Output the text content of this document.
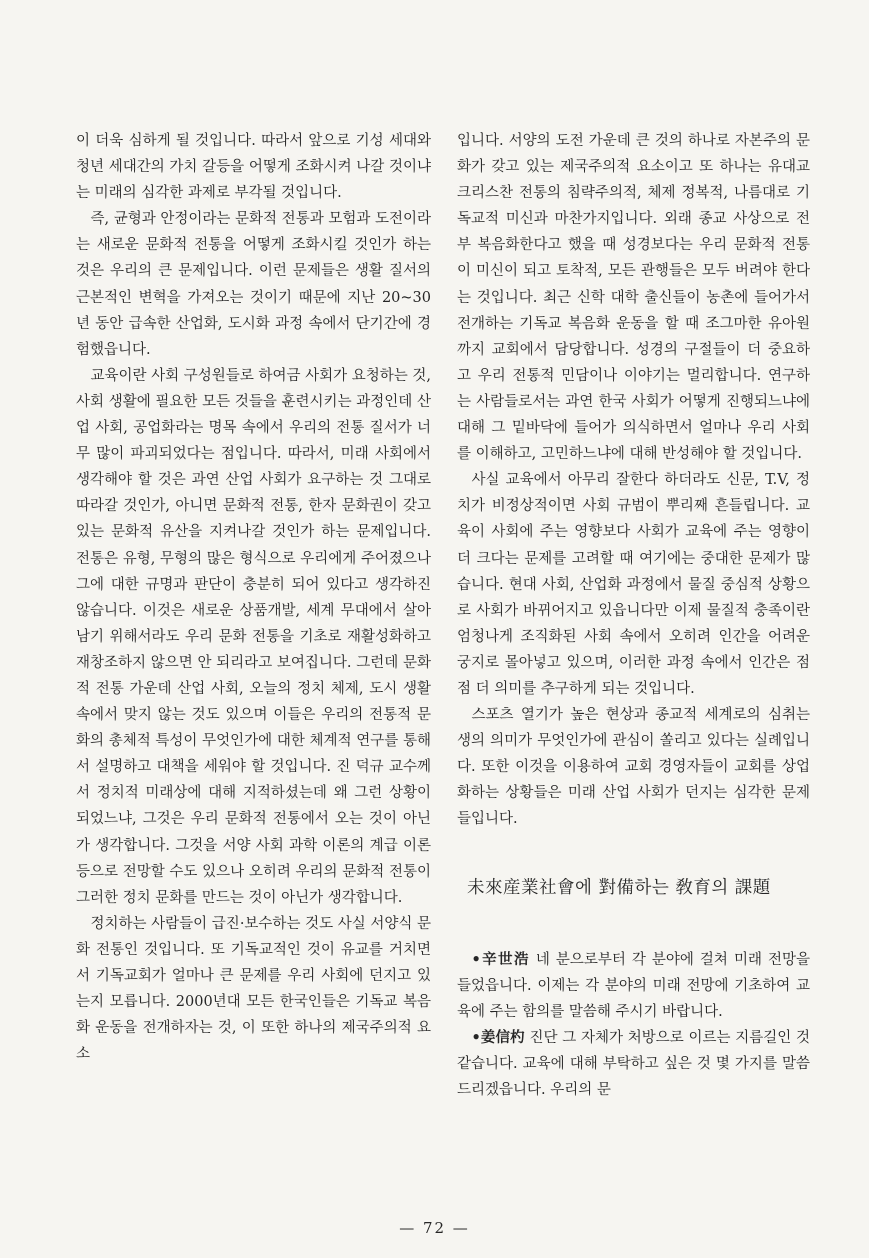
이 더욱 심하게 될 것입니다. 따라서 앞으로 기성 세대와 청년 세대간의 가치 갈등을 어떻게 조화시켜 나갈 것이냐는 미래의 심각한 과제로 부각될 것입니다.

즉, 균형과 안정이라는 문화적 전통과 모험과 도전이라는 새로운 문화적 전통을 어떻게 조화시킬 것인가 하는 것은 우리의 큰 문제입니다. 이런 문제들은 생활 질서의 근본적인 변혁을 가져오는 것이기 때문에 지난 20~30년 동안 급속한 산업화, 도시화 과정 속에서 단기간에 경험했읍니다.

교육이란 사회 구성원들로 하여금 사회가 요청하는 것, 사회 생활에 필요한 모든 것들을 훈련시키는 과정인데 산업 사회, 공업화라는 명목 속에서 우리의 전통 질서가 너무 많이 파괴되었다는 점입니다. 따라서, 미래 사회에서 생각해야 할 것은 과연 산업 사회가 요구하는 것 그대로 따라갈 것인가, 아니면 문화적 전통, 한자 문화권이 갖고 있는 문화적 유산을 지켜나갈 것인가 하는 문제입니다. 전통은 유형, 무형의 많은 형식으로 우리에게 주어졌으나 그에 대한 규명과 판단이 충분히 되어 있다고 생각하진 않습니다. 이것은 새로운 상품개발, 세계 무대에서 살아 남기 위해서라도 우리 문화 전통을 기초로 재활성화하고 재창조하지 않으면 안 되리라고 보여집니다. 그런데 문화적 전통 가운데 산업 사회, 오늘의 정치 체제, 도시 생활 속에서 맞지 않는 것도 있으며 이들은 우리의 전통적 문화의 총체적 특성이 무엇인가에 대한 체계적 연구를 통해서 설명하고 대책을 세워야 할 것입니다. 진 덕규 교수께서 정치적 미래상에 대해 지적하셨는데 왜 그런 상황이 되었느냐, 그것은 우리 문화적 전통에서 오는 것이 아닌가 생각합니다. 그것을 서양 사회 과학 이론의 계급 이론 등으로 전망할 수도 있으나 오히려 우리의 문화적 전통이 그러한 정치 문화를 만드는 것이 아닌가 생각합니다.

정치하는 사람들이 급진·보수하는 것도 사실 서양식 문화 전통인 것입니다. 또 기독교적인 것이 유교를 거치면서 기독교회가 얼마나 큰 문제를 우리 사회에 던지고 있는지 모릅니다. 2000년대 모든 한국인들은 기독교 복음화 운동을 전개하자는 것, 이 또한 하나의 제국주의적 요소

입니다. 서양의 도전 가운데 큰 것의 하나로 자본주의 문화가 갖고 있는 제국주의적 요소이고 또 하나는 유대교 크리스찬 전통의 침략주의적, 체제 정복적, 나름대로 기독교적 미신과 마찬가지입니다. 외래 종교 사상으로 전부 복음화한다고 했을 때 성경보다는 우리 문화적 전통이 미신이 되고 토착적, 모든 관행들은 모두 버려야 한다는 것입니다. 최근 신학 대학 출신들이 농촌에 들어가서 전개하는 기독교 복음화 운동을 할 때 조그마한 유아원까지 교회에서 담당합니다. 성경의 구절들이 더 중요하고 우리 전통적 민담이나 이야기는 멀리합니다. 연구하는 사람들로서는 과연 한국 사회가 어떻게 진행되느냐에 대해 그 밑바닥에 들어가 의식하면서 얼마나 우리 사회를 이해하고, 고민하느냐에 대해 반성해야 할 것입니다.

사실 교육에서 아무리 잘한다 하더라도 신문, T.V, 정치가 비정상적이면 사회 규범이 뿌리째 흔들립니다. 교육이 사회에 주는 영향보다 사회가 교육에 주는 영향이 더 크다는 문제를 고려할 때 여기에는 중대한 문제가 많습니다. 현대 사회, 산업화 과정에서 물질 중심적 상황으로 사회가 바뀌어지고 있읍니다만 이제 물질적 충족이란 엄청나게 조직화된 사회 속에서 오히려 인간을 어려운 궁지로 몰아넣고 있으며, 이러한 과정 속에서 인간은 점점 더 의미를 추구하게 되는 것입니다.

스포츠 열기가 높은 현상과 종교적 세계로의 심취는 생의 의미가 무엇인가에 관심이 쏠리고 있다는 실례입니다. 또한 이것을 이용하여 교회 경영자들이 교회를 상업화하는 상황들은 미래 산업 사회가 던지는 심각한 문제들입니다.

未來産業社會에 對備하는 敎育의 課題

•辛世浩 네 분으로부터 각 분야에 걸쳐 미래 전망을 들었읍니다. 이제는 각 분야의 미래 전망에 기초하여 교육에 주는 함의를 말씀해 주시기 바랍니다.

•姜信杓 진단 그 자체가 처방으로 이르는 지름길인 것 같습니다. 교육에 대해 부탁하고 싶은 것 몇 가지를 말씀드리겠읍니다. 우리의 문

— 72 —
